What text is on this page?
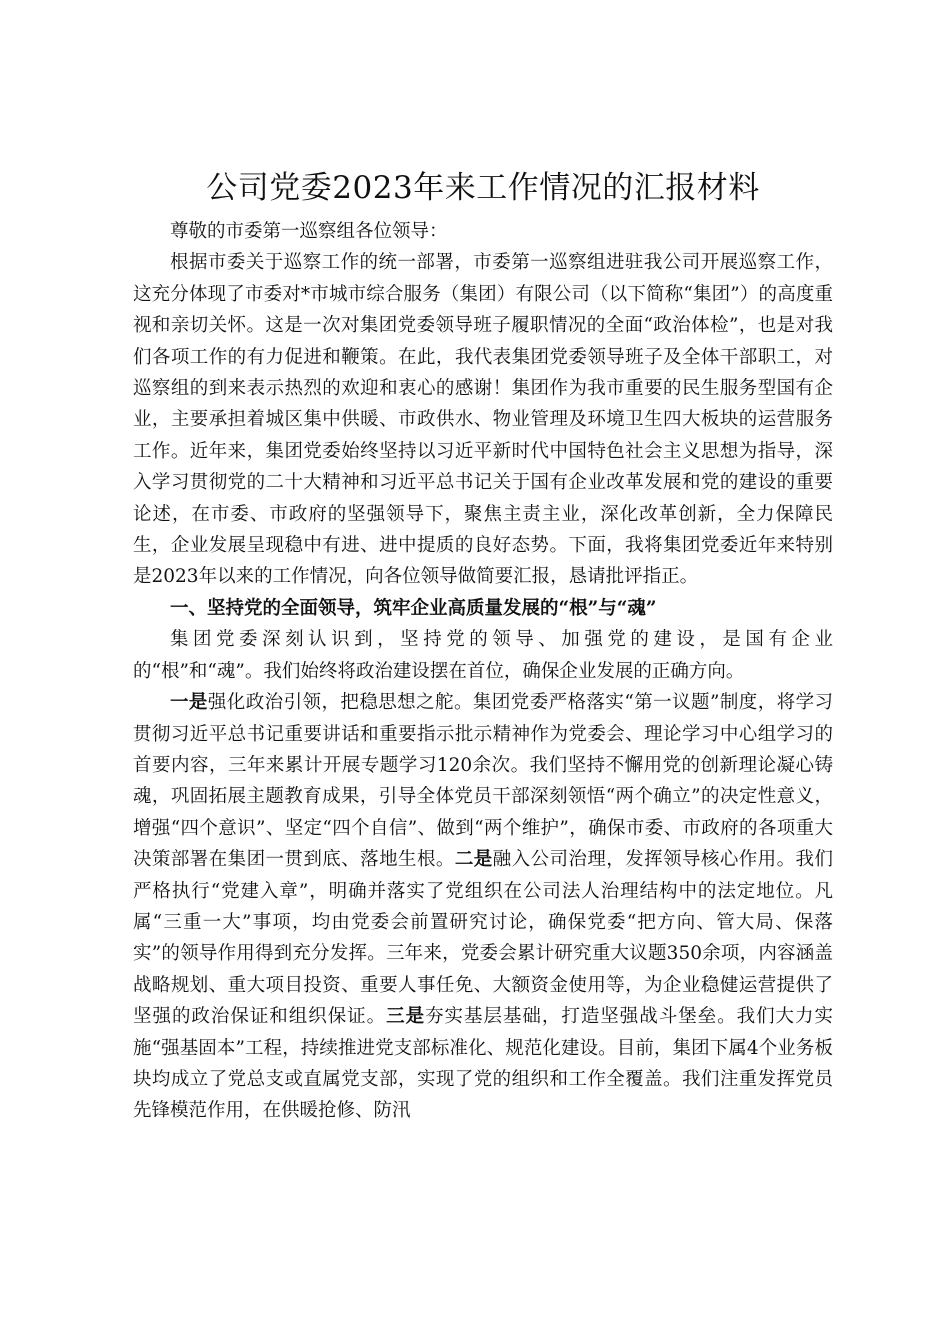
公司党委2023年来工作情况的汇报材料

尊敬的市委第一巡察组各位领导：

根据市委关于巡察工作的统一部署，市委第一巡察组进驻我公司开展巡察工作，这充分体现了市委对*市城市综合服务（集团）有限公司（以下简称“集团”）的高度重视和亲切关怀。这是一次对集团党委领导班子履职情况的全面“政治体检”，也是对我们各项工作的有力促进和鞭策。在此，我代表集团党委领导班子及全体干部职工，对巡察组的到来表示热烈的欢迎和衷心的感谢！集团作为我市重要的民生服务型国有企业，主要承担着城区集中供暖、市政供水、物业管理及环境卫生四大板块的运营服务工作。近年来，集团党委始终坚持以习近平新时代中国特色社会主义思想为指导，深入学习贯彻党的二十大精神和习近平总书记关于国有企业改革发展和党的建设的重要论述，在市委、市政府的坚强领导下，聚焦主责主业，深化改革创新，全力保障民生，企业发展呈现稳中有进、进中提质的良好态势。下面，我将集团党委近年来特别是2023年以来的工作情况，向各位领导做简要汇报，恳请批评指正。

一、坚持党的全面领导，筑牢企业高质量发展的“根”与“魂”

集团党委深刻认识到，坚持党的领导、加强党的建设，是国有企业的“根”和“魂”。我们始终将政治建设摆在首位，确保企业发展的正确方向。

一是强化政治引领，把稳思想之舵。集团党委严格落实“第一议题”制度，将学习贯彻习近平总书记重要讲话和重要指示批示精神作为党委会、理论学习中心组学习的首要内容，三年来累计开展专题学习120余次。我们坚持不懈用党的创新理论凝心铸魂，巩固拓展主题教育成果，引导全体党员干部深刻领悟“两个确立”的决定性意义，增强“四个意识”、坚定“四个自信”、做到“两个维护”，确保市委、市政府的各项重大决策部署在集团一贯到底、落地生根。二是融入公司治理，发挥领导核心作用。我们严格执行“党建入章”，明确并落实了党组织在公司法人治理结构中的法定地位。凡属“三重一大”事项，均由党委会前置研究讨论，确保党委“把方向、管大局、保落实”的领导作用得到充分发挥。三年来，党委会累计研究重大议题350余项，内容涵盖战略规划、重大项目投资、重要人事任免、大额资金使用等，为企业稳健运营提供了坚强的政治保证和组织保证。三是夯实基层基础，打造坚强战斗堡垒。我们大力实施“强基固本”工程，持续推进党支部标准化、规范化建设。目前，集团下属4个业务板块均成立了党总支或直属党支部，实现了党的组织和工作全覆盖。我们注重发挥党员先锋模范作用，在供暖抢修、防汛
